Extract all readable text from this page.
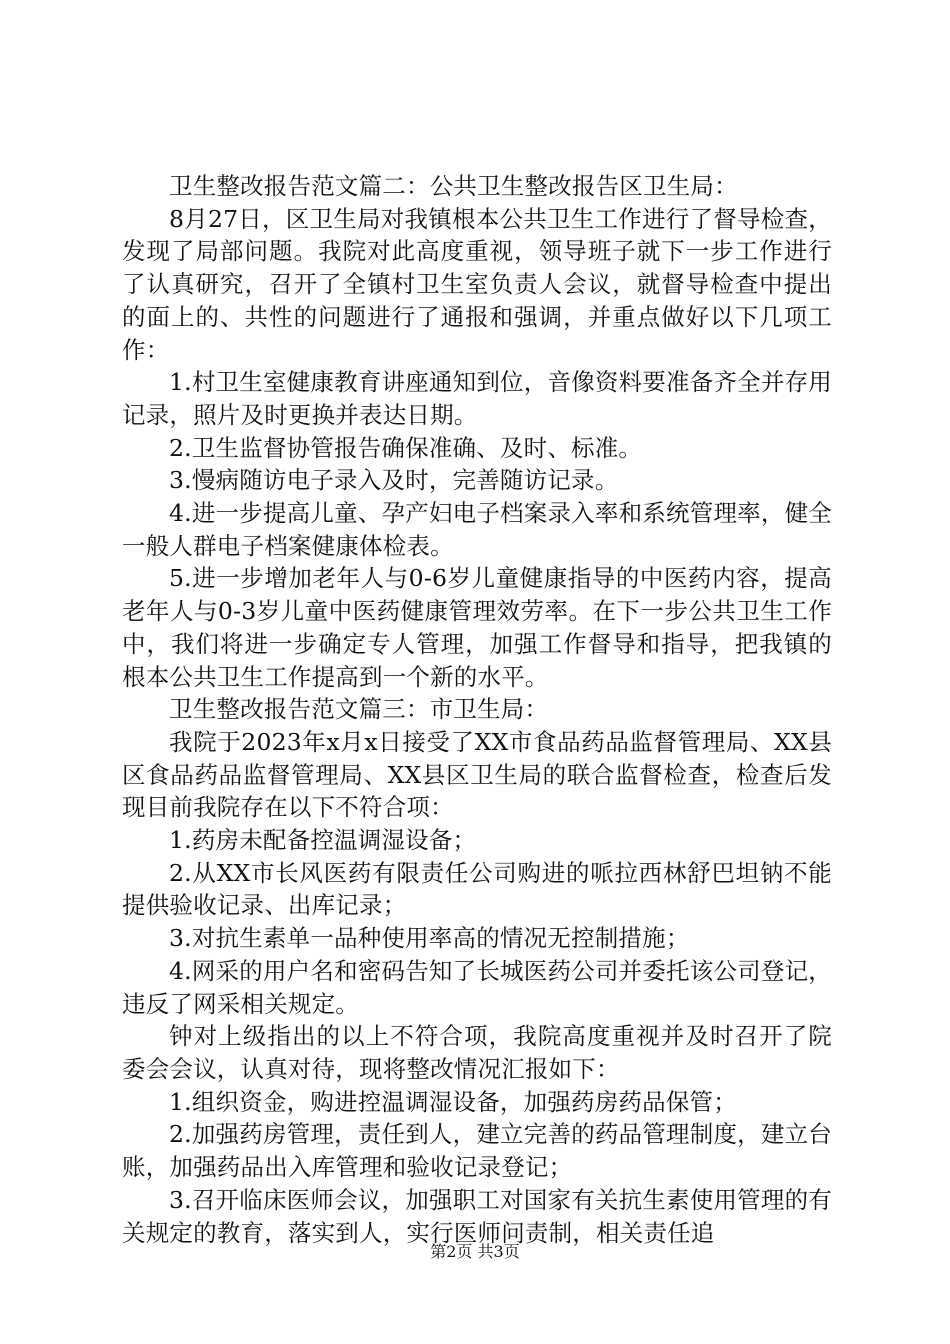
卫生整改报告范文篇二：公共卫生整改报告区卫生局：

8月27日，区卫生局对我镇根本公共卫生工作进行了督导检查，发现了局部问题。我院对此高度重视，领导班子就下一步工作进行了认真研究，召开了全镇村卫生室负责人会议，就督导检查中提出的面上的、共性的问题进行了通报和强调，并重点做好以下几项工作：

1.村卫生室健康教育讲座通知到位，音像资料要准备齐全并存用记录，照片及时更换并表达日期。

2.卫生监督协管报告确保准确、及时、标准。

3.慢病随访电子录入及时，完善随访记录。

4.进一步提高儿童、孕产妇电子档案录入率和系统管理率，健全一般人群电子档案健康体检表。

5.进一步增加老年人与0-6岁儿童健康指导的中医药内容，提高老年人与0-3岁儿童中医药健康管理效劳率。在下一步公共卫生工作中，我们将进一步确定专人管理，加强工作督导和指导，把我镇的根本公共卫生工作提高到一个新的水平。

卫生整改报告范文篇三：市卫生局：

我院于2023年x月x日接受了XX市食品药品监督管理局、XX县区食品药品监督管理局、XX县区卫生局的联合监督检查，检查后发现目前我院存在以下不符合项：

1.药房未配备控温调湿设备；

2.从XX市长风医药有限责任公司购进的哌拉西林舒巴坦钠不能提供验收记录、出库记录；

3.对抗生素单一品种使用率高的情况无控制措施；

4.网采的用户名和密码告知了长城医药公司并委托该公司登记，违反了网采相关规定。

钟对上级指出的以上不符合项，我院高度重视并及时召开了院委会会议，认真对待，现将整改情况汇报如下：

1.组织资金，购进控温调湿设备，加强药房药品保管；

2.加强药房管理，责任到人，建立完善的药品管理制度，建立台账，加强药品出入库管理和验收记录登记；

3.召开临床医师会议，加强职工对国家有关抗生素使用管理的有关规定的教育，落实到人，实行医师问责制，相关责任追

第2页 共3页
